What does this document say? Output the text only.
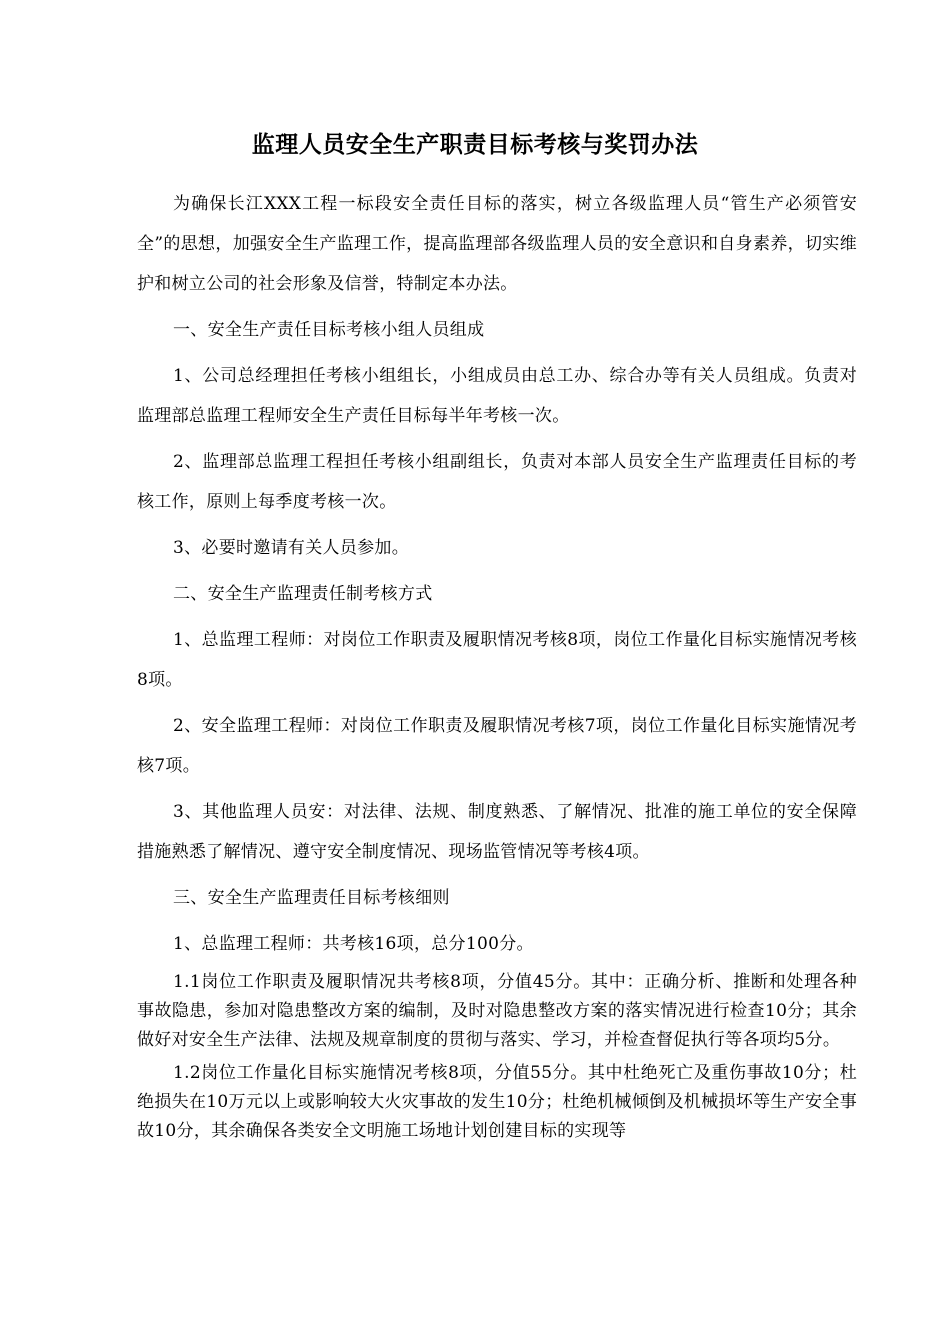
监理人员安全生产职责目标考核与奖罚办法

为确保长江XXX工程一标段安全责任目标的落实，树立各级监理人员“管生产必须管安全”的思想，加强安全生产监理工作，提高监理部各级监理人员的安全意识和自身素养，切实维护和树立公司的社会形象及信誉，特制定本办法。

一、安全生产责任目标考核小组人员组成

1、公司总经理担任考核小组组长，小组成员由总工办、综合办等有关人员组成。负责对监理部总监理工程师安全生产责任目标每半年考核一次。

2、监理部总监理工程担任考核小组副组长，负责对本部人员安全生产监理责任目标的考核工作，原则上每季度考核一次。

3、必要时邀请有关人员参加。

二、安全生产监理责任制考核方式

1、总监理工程师：对岗位工作职责及履职情况考核8项，岗位工作量化目标实施情况考核8项。

2、安全监理工程师：对岗位工作职责及履职情况考核7项，岗位工作量化目标实施情况考核7项。

3、其他监理人员安：对法律、法规、制度熟悉、了解情况、批准的施工单位的安全保障措施熟悉了解情况、遵守安全制度情况、现场监管情况等考核4项。

三、安全生产监理责任目标考核细则

1、总监理工程师：共考核16项，总分100分。

1.1岗位工作职责及履职情况共考核8项，分值45分。其中：正确分析、推断和处理各种事故隐患，参加对隐患整改方案的编制，及时对隐患整改方案的落实情况进行检查10分；其余做好对安全生产法律、法规及规章制度的贯彻与落实、学习，并检查督促执行等各项均5分。

1.2岗位工作量化目标实施情况考核8项，分值55分。其中杜绝死亡及重伤事故10分；杜绝损失在10万元以上或影响较大火灾事故的发生10分；杜绝机械倾倒及机械损坏等生产安全事故10分，其余确保各类安全文明施工场地计划创建目标的实现等
